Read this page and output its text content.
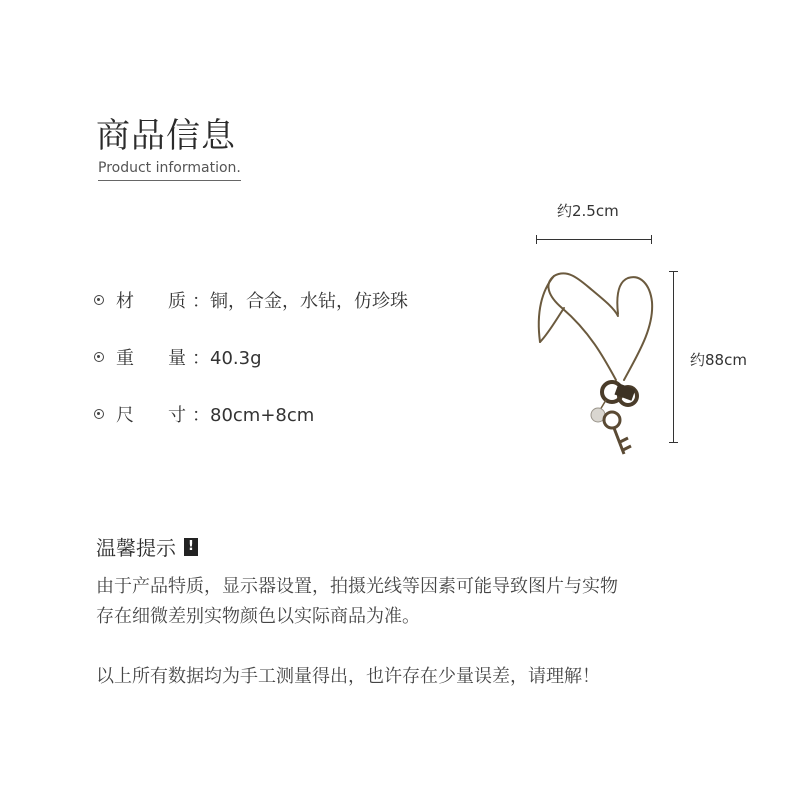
商品信息
Product information.
材	质 ：铜，合金，水钻，仿珍珠
重	量 ：40.3g
尺	寸 ：80cm+8cm
约2.5cm
约88cm
温馨提示 !
由于产品特质，显示器设置，拍摄光线等因素可能导致图片与实物
存在细微差别实物颜色以实际商品为准。
以上所有数据均为手工测量得出，也许存在少量误差，请理解！
